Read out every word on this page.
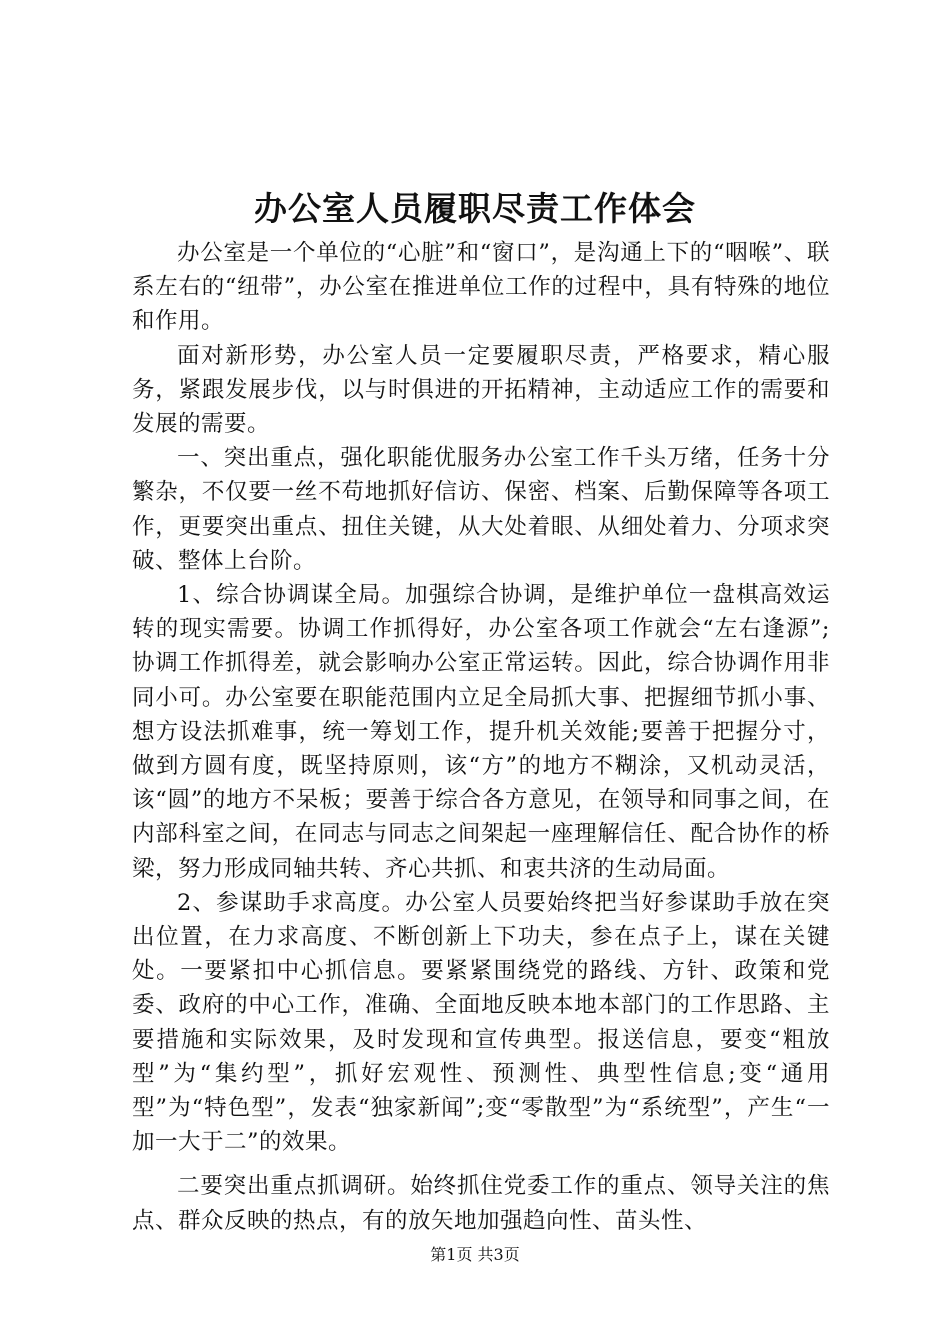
办公室人员履职尽责工作体会

办公室是一个单位的“心脏”和“窗口”，是沟通上下的“咽喉”、联系左右的“纽带”，办公室在推进单位工作的过程中，具有特殊的地位和作用。

面对新形势，办公室人员一定要履职尽责，严格要求，精心服务，紧跟发展步伐，以与时俱进的开拓精神，主动适应工作的需要和发展的需要。

一、突出重点，强化职能优服务办公室工作千头万绪，任务十分繁杂，不仅要一丝不苟地抓好信访、保密、档案、后勤保障等各项工作，更要突出重点、扭住关键，从大处着眼、从细处着力、分项求突破、整体上台阶。

1、综合协调谋全局。加强综合协调，是维护单位一盘棋高效运转的现实需要。协调工作抓得好，办公室各项工作就会“左右逢源”;协调工作抓得差，就会影响办公室正常运转。因此，综合协调作用非同小可。办公室要在职能范围内立足全局抓大事、把握细节抓小事、想方设法抓难事，统一筹划工作，提升机关效能;要善于把握分寸，做到方圆有度，既坚持原则，该“方”的地方不糊涂，又机动灵活，该“圆”的地方不呆板；要善于综合各方意见，在领导和同事之间，在内部科室之间，在同志与同志之间架起一座理解信任、配合协作的桥梁，努力形成同轴共转、齐心共抓、和衷共济的生动局面。

2、参谋助手求高度。办公室人员要始终把当好参谋助手放在突出位置，在力求高度、不断创新上下功夫，参在点子上，谋在关键处。一要紧扣中心抓信息。要紧紧围绕党的路线、方针、政策和党委、政府的中心工作，准确、全面地反映本地本部门的工作思路、主要措施和实际效果，及时发现和宣传典型。报送信息，要变“粗放型”为“集约型”，抓好宏观性、预测性、典型性信息;变“通用型”为“特色型”，发表“独家新闻”;变“零散型”为“系统型”，产生“一加一大于二”的效果。

二要突出重点抓调研。始终抓住党委工作的重点、领导关注的焦点、群众反映的热点，有的放矢地加强趋向性、苗头性、

第1页 共3页
